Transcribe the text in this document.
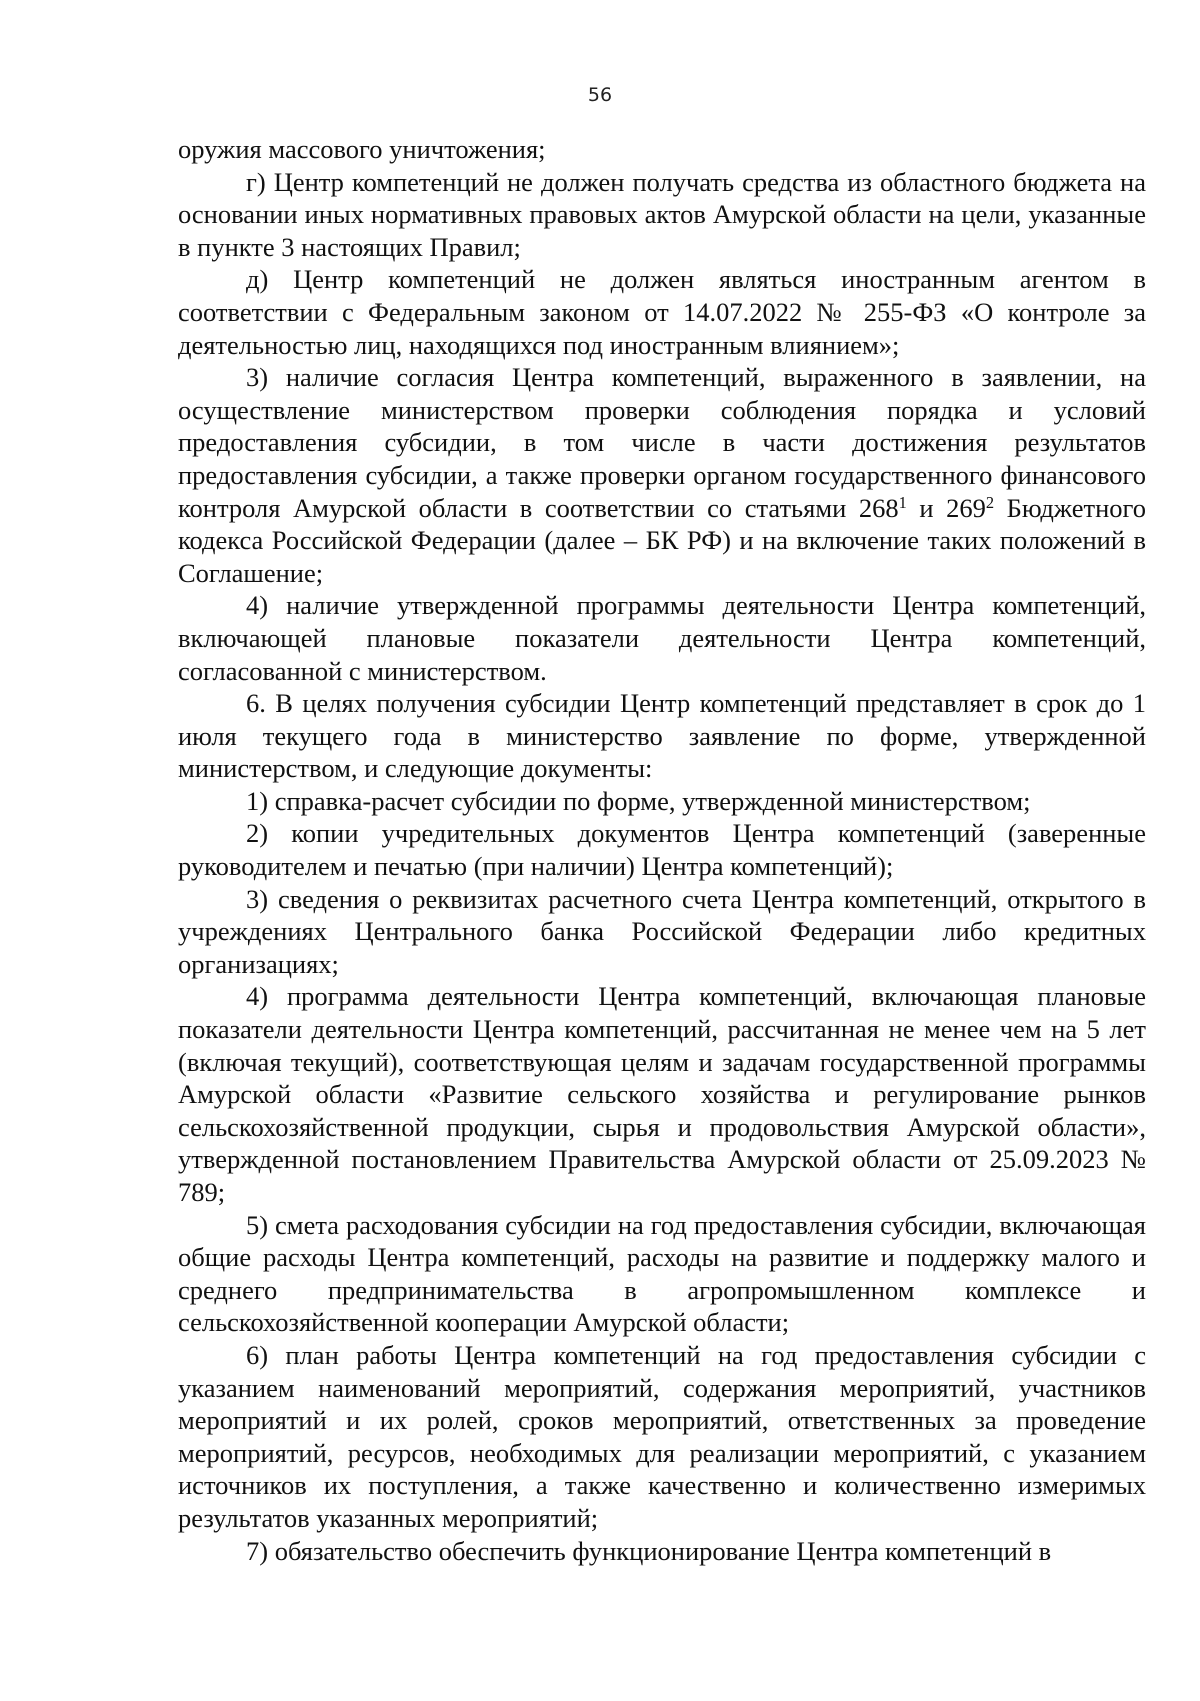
56

оружия массового уничтожения;

г) Центр компетенций не должен получать средства из областного бюджета на основании иных нормативных правовых актов Амурской области на цели, указанные в пункте 3 настоящих Правил;

д) Центр компетенций не должен являться иностранным агентом в соответствии с Федеральным законом от 14.07.2022 № 255-ФЗ «О контроле за деятельностью лиц, находящихся под иностранным влиянием»;

3) наличие согласия Центра компетенций, выраженного в заявлении, на осуществление министерством проверки соблюдения порядка и условий предоставления субсидии, в том числе в части достижения результатов предоставления субсидии, а также проверки органом государственного финансового контроля Амурской области в соответствии со статьями $268^1$ и $269^2$ Бюджетного кодекса Российской Федерации (далее – БК РФ) и на включение таких положений в Соглашение;

4) наличие утвержденной программы деятельности Центра компетенций, включающей плановые показатели деятельности Центра компетенций, согласованной с министерством.

6. В целях получения субсидии Центр компетенций представляет в срок до 1 июля текущего года в министерство заявление по форме, утвержденной министерством, и следующие документы:

1) справка-расчет субсидии по форме, утвержденной министерством;

2) копии учредительных документов Центра компетенций (заверенные руководителем и печатью (при наличии) Центра компетенций);

3) сведения о реквизитах расчетного счета Центра компетенций, открытого в учреждениях Центрального банка Российской Федерации либо кредитных организациях;

4) программа деятельности Центра компетенций, включающая плановые показатели деятельности Центра компетенций, рассчитанная не менее чем на 5 лет (включая текущий), соответствующая целям и задачам государственной программы Амурской области «Развитие сельского хозяйства и регулирование рынков сельскохозяйственной продукции, сырья и продовольствия Амурской области», утвержденной постановлением Правительства Амурской области от 25.09.2023 № 789;

5) смета расходования субсидии на год предоставления субсидии, включающая общие расходы Центра компетенций, расходы на развитие и поддержку малого и среднего предпринимательства в агропромышленном комплексе и сельскохозяйственной кооперации Амурской области;

6) план работы Центра компетенций на год предоставления субсидии с указанием наименований мероприятий, содержания мероприятий, участников мероприятий и их ролей, сроков мероприятий, ответственных за проведение мероприятий, ресурсов, необходимых для реализации мероприятий, с указанием источников их поступления, а также качественно и количественно измеримых результатов указанных мероприятий;

7) обязательство обеспечить функционирование Центра компетенций в
